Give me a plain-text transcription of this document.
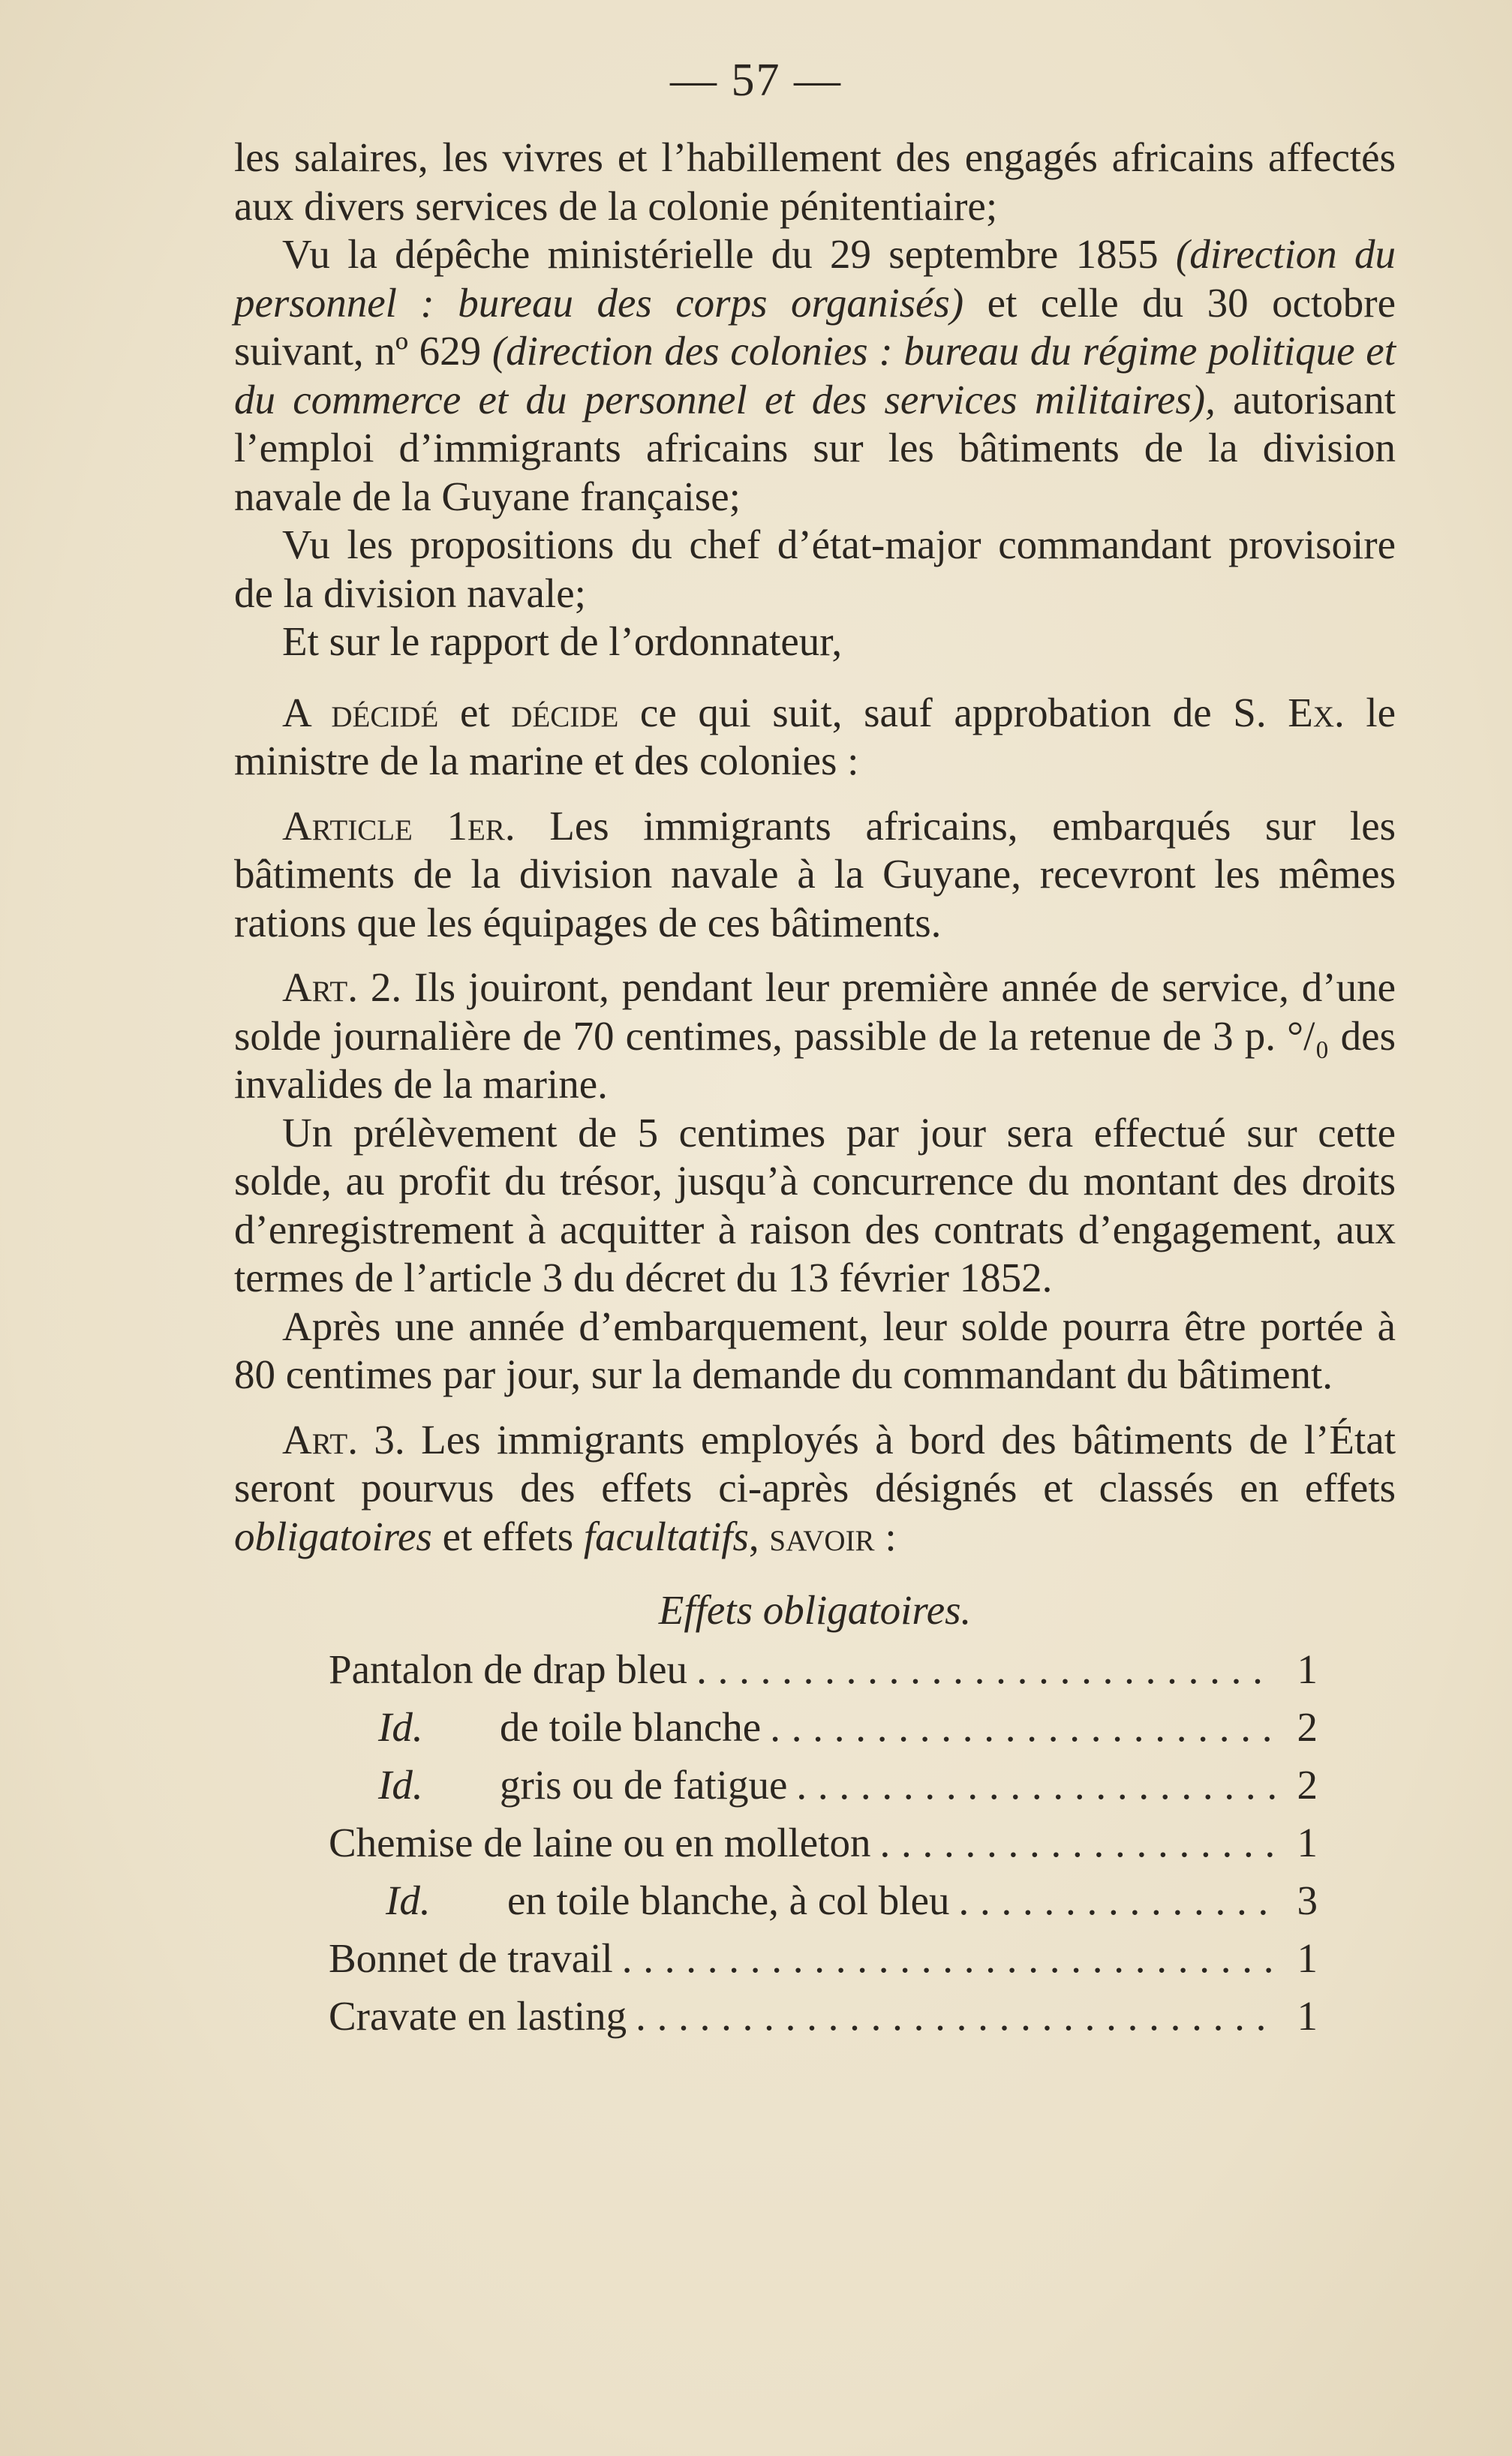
— 57 —

les salaires, les vivres et l’habillement des engagés africains affectés aux divers services de la colonie pénitentiaire;

Vu la dépêche ministérielle du 29 septembre 1855 (direction du personnel : bureau des corps organisés) et celle du 30 octobre suivant, nº 629 (direction des colonies : bureau du régime politique et du commerce et du personnel et des services militaires), autorisant l’emploi d’immigrants africains sur les bâtiments de la division navale de la Guyane française;

Vu les propositions du chef d’état-major commandant provisoire de la division navale;

Et sur le rapport de l’ordonnateur,

A décidé et décide ce qui suit, sauf approbation de S. Ex. le ministre de la marine et des colonies :

Article 1er. Les immigrants africains, embarqués sur les bâtiments de la division navale à la Guyane, recevront les mêmes rations que les équipages de ces bâtiments.

Art. 2. Ils jouiront, pendant leur première année de service, d’une solde journalière de 70 centimes, passible de la retenue de 3 p. °/₀ des invalides de la marine.

Un prélèvement de 5 centimes par jour sera effectué sur cette solde, au profit du trésor, jusqu’à concurrence du montant des droits d’enregistrement à acquitter à raison des contrats d’engagement, aux termes de l’article 3 du décret du 13 février 1852.

Après une année d’embarquement, leur solde pourra être portée à 80 centimes par jour, sur la demande du commandant du bâtiment.

Art. 3. Les immigrants employés à bord des bâtiments de l’État seront pourvus des effets ci-après désignés et classés en effets obligatoires et effets facultatifs, savoir :

Effets obligatoires.
Pantalon de drap bleu . . .	1
Id. de toile blanche . . .	2
Id. gris ou de fatigue . . .	2
Chemise de laine ou en molleton . . .	1
Id. en toile blanche, à col bleu . . .	3
Bonnet de travail . . .	1
Cravate en lasting . . .	1
